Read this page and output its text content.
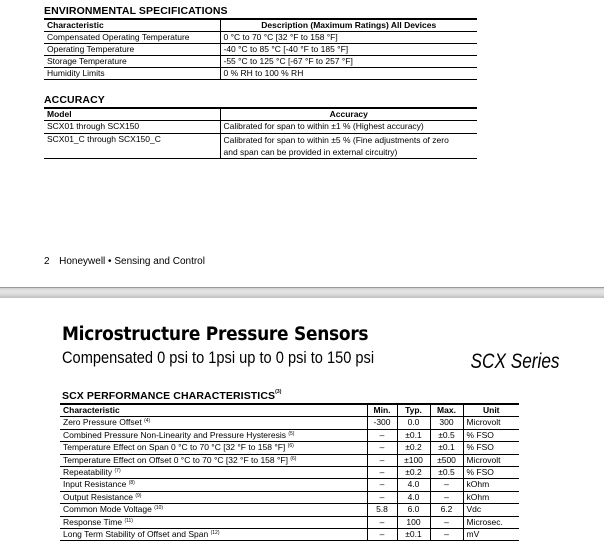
ENVIRONMENTAL SPECIFICATIONS
Characteristic	Description (Maximum Ratings) All Devices
Compensated Operating Temperature	0 °C to 70 °C [32 °F to 158 °F]
Operating Temperature	-40 °C to 85 °C [-40 °F to 185 °F]
Storage Temperature	-55 °C to 125 °C [-67 °F to 257 °F]
Humidity Limits	0 % RH to 100 % RH
ACCURACY
Model	Accuracy
SCX01 through SCX150	Calibrated for span to within ±1 % (Highest accuracy)
SCX01_C through SCX150_C	Calibrated for span to within ±5 % (Fine adjustments of zero
and span can be provided in external circuitry)
2 Honeywell • Sensing and Control
Microstructure Pressure Sensors
Compensated 0 psi to 1psi up to 0 psi to 150 psi	SCX Series
SCX PERFORMANCE CHARACTERISTICS$^{(3)}$
Characteristic	Min.	Typ.	Max.	Unit
Zero Pressure Offset $^{(4)}$	-300	0.0	300	Microvolt
Combined Pressure Non-Linearity and Pressure Hysteresis $^{(5)}$	–	±0.1	±0.5	% FSO
Temperature Effect on Span 0 °C to 70 °C [32 °F to 158 °F] $^{(6)}$	–	±0.2	±0.1	% FSO
Temperature Effect on Offset 0 °C to 70 °C [32 °F to 158 °F] $^{(6)}$	–	±100	±500	Microvolt
Repeatability $^{(7)}$	–	±0.2	±0.5	% FSO
Input Resistance $^{(8)}$	–	4.0	–	kOhm
Output Resistance $^{(9)}$	–	4.0	–	kOhm
Common Mode Voltage $^{(10)}$	5.8	6.0	6.2	Vdc
Response Time $^{(11)}$	–	100	–	Microsec.
Long Term Stability of Offset and Span $^{(12)}$	–	±0.1	–	mV
